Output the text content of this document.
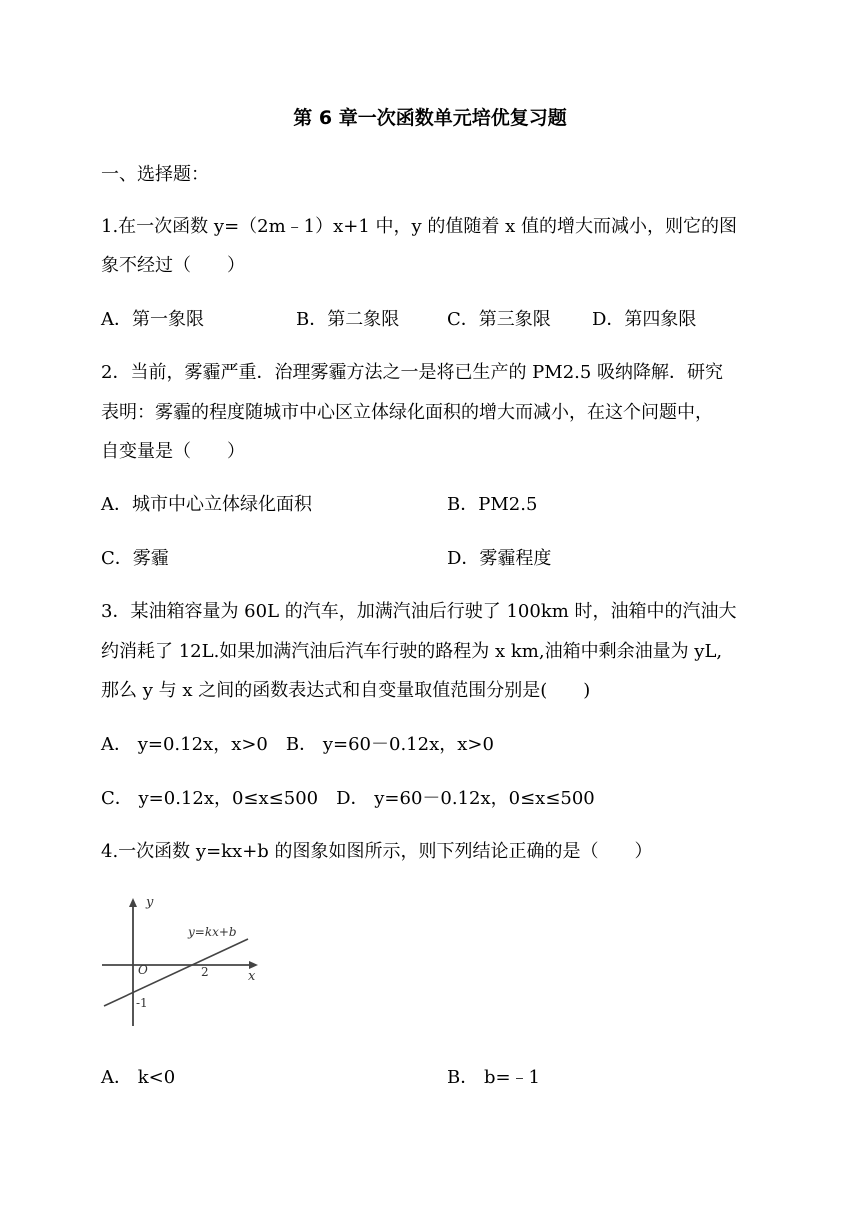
第 6 章一次函数单元培优复习题
一、选择题：
1.在一次函数 y=（2m﹣1）x+1 中，y 的值随着 x 值的增大而减小，则它的图
象不经过（　　）
A．第一象限	B．第二象限	C．第三象限 D．第四象限
2．当前，雾霾严重．治理雾霾方法之一是将已生产的 PM2.5 吸纳降解．研究
表明：雾霾的程度随城市中心区立体绿化面积的增大而减小，在这个问题中，
自变量是（　　）
A．城市中心立体绿化面积	B．PM2.5
C．雾霾	D．雾霾程度
3．某油箱容量为 60L 的汽车，加满汽油后行驶了 100km 时，油箱中的汽油大
约消耗了 12L.如果加满汽油后汽车行驶的路程为 x km,油箱中剩余油量为 yL,
那么 y 与 x 之间的函数表达式和自变量取值范围分别是(　　)
A． y=0.12x，x>0　B． y=60－0.12x，x>0
C． y=0.12x，0≤x≤500　D． y=60－0.12x，0≤x≤500
4.一次函数 y=kx+b 的图象如图所示，则下列结论正确的是（　　）
y
x
O	2
-1
y=kx+b
A． k<0	B． b=﹣1
